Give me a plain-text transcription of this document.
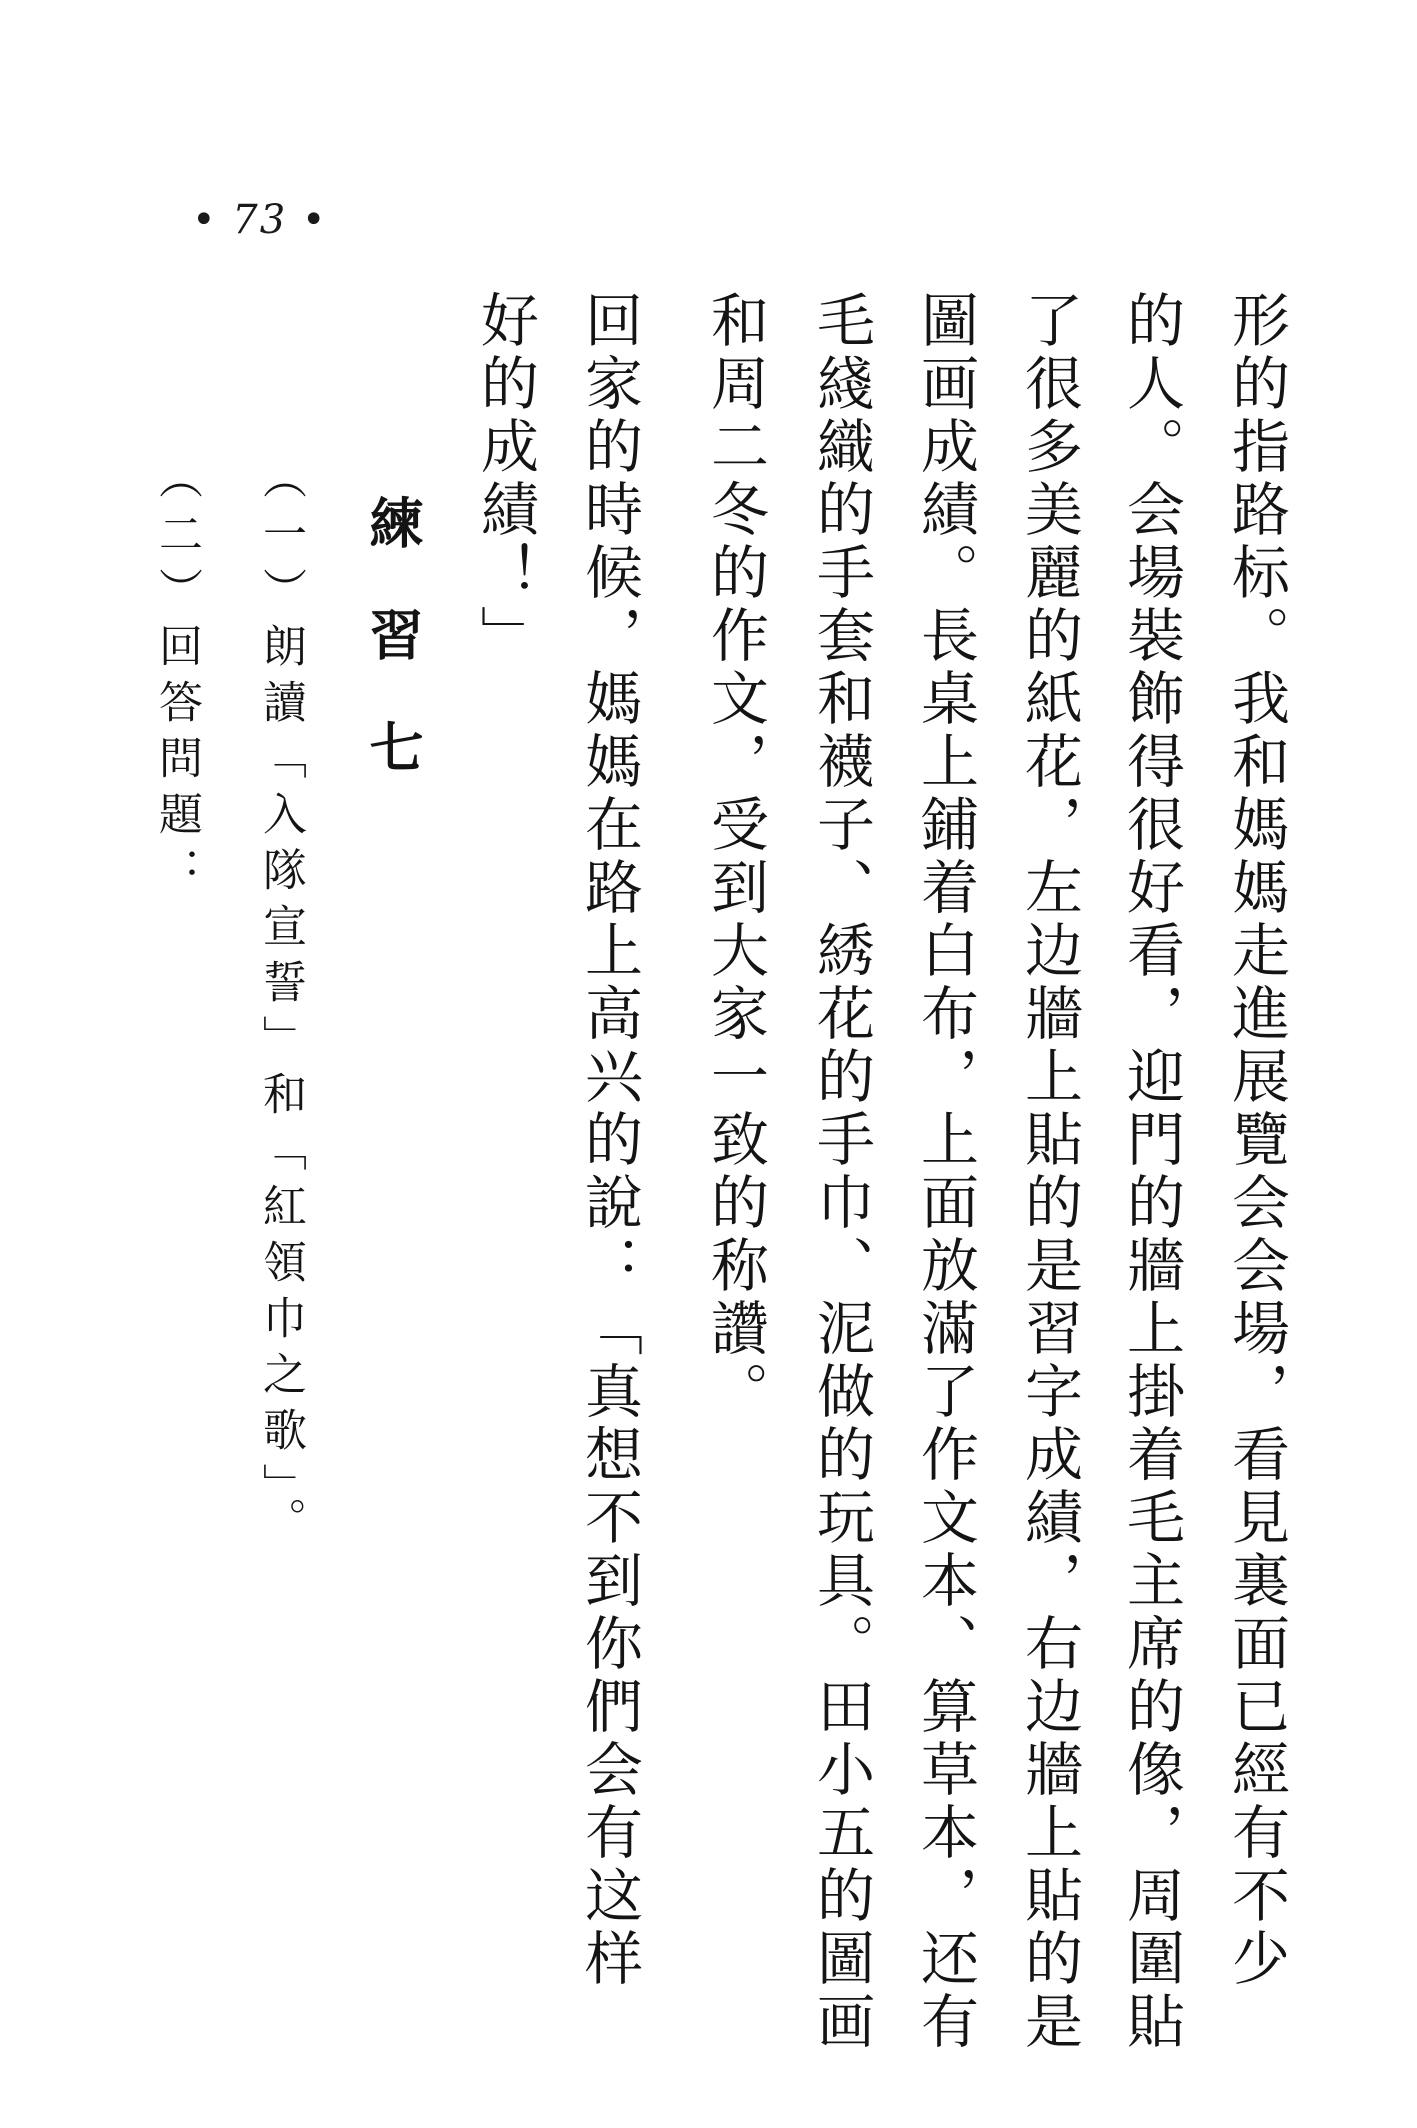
• 73 •
形的指路标。我和媽媽走進展覽会会場，看見裏面已經有不少
的人。会場裝飾得很好看，迎門的牆上掛着毛主席的像，周圍貼
了很多美麗的紙花，左边牆上貼的是習字成績，右边牆上貼的是
圖画成績。長桌上鋪着白布，上面放滿了作文本、算草本，还有
毛綫織的手套和襪子、綉花的手巾、泥做的玩具。田小五的圖画
和周二冬的作文，受到大家一致的称讚。
回家的時候，媽媽在路上高兴的說：「真想不到你們会有这样
好的成績！」
練習七
（一）朗讀「入隊宣誓」和「紅領巾之歌」。
（二）回答問題：
